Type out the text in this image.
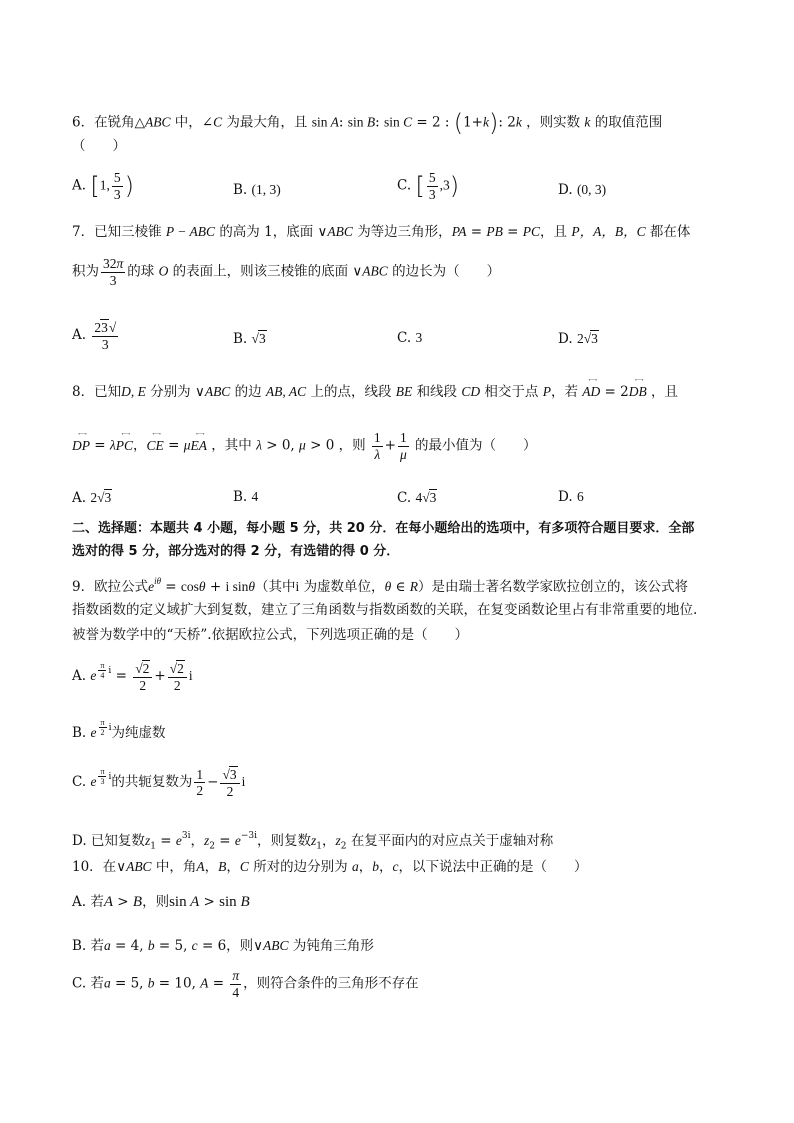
6．在锐角△ABC 中，∠C 为最大角，且 sin A: sin B: sin C = 2 : (1+k): 2k ，则实数 k 的取值范围
（　　）
A. [1, $\frac{5}{3}$ )	B. (1, 3)	C. [ $\frac{5}{3} ,3$)	D. (0, 3)
7．已知三棱锥 P − ABC 的高为 1，底面 ∨ABC 为等边三角形，PA = PB = PC，且 P，A，B，C 都在体
积为 $\frac{32\pi}{3}$ 的球 O 的表面上，则该三棱锥的底面 ∨ABC 的边长为（　　）
A. $\frac{23√}{3}$	B. √3	C. 3	D. 2√3
8．已知D, E 分别为 ∨ABC 的边 AB, AC 上的点，线段 BE 和线段 CD 相交于点 P，若 ←→ AD = 2←→ DB ，且
←→ DP = λ←→ PC，←→ CE = μ←→ EA ，其中 λ > 0, μ > 0 ，则 $\frac{1}{\lambda} + \frac{1}{\mu}$ 的最小值为（　　）
A. 2√3	B. 4	C. 4√3	D. 6
二、选择题：本题共 4 小题，每小题 5 分，共 20 分．在每小题给出的选项中，有多项符合题目要求．全部
选对的得 5 分，部分选对的得 2 分，有选错的得 0 分．
9．欧拉公式$e^{i\theta} = \cos\theta + i$ sinθ（其中i 为虚数单位，θ ∈ R）是由瑞士著名数学家欧拉创立的，该公式将
指数函数的定义域扩大到复数，建立了三角函数与指数函数的关联，在复变函数论里占有非常重要的地位.
被誉为数学中的“天桥”.依据欧拉公式，下列选项正确的是（　　）
A. e $^{\frac{\pi}{4} i} = \frac{√2}{2} + \frac{√2}{2}$ i
B. e $^{\frac{\pi}{2} i}$为纯虚数
C. e $^{\frac{\pi}{3} i}$的共轭复数为 $\frac{1}{2} - \frac{√3}{2}$ i
D. 已知复数$z_1 = e^{3i}$，$z_2 = e^{-3i}$，则复数$z_1$，$z_2$ 在复平面内的对应点关于虚轴对称
10．在∨ABC 中，角A，B，C 所对的边分别为 a，b，c，以下说法中正确的是（　　）
A. 若A > B，则sin A > sin B
B. 若a = 4, b = 5, c = 6，则∨ABC 为钝角三角形
C. 若a = 5, b = 10, $A = \frac{\pi}{4}$ ，则符合条件的三角形不存在
